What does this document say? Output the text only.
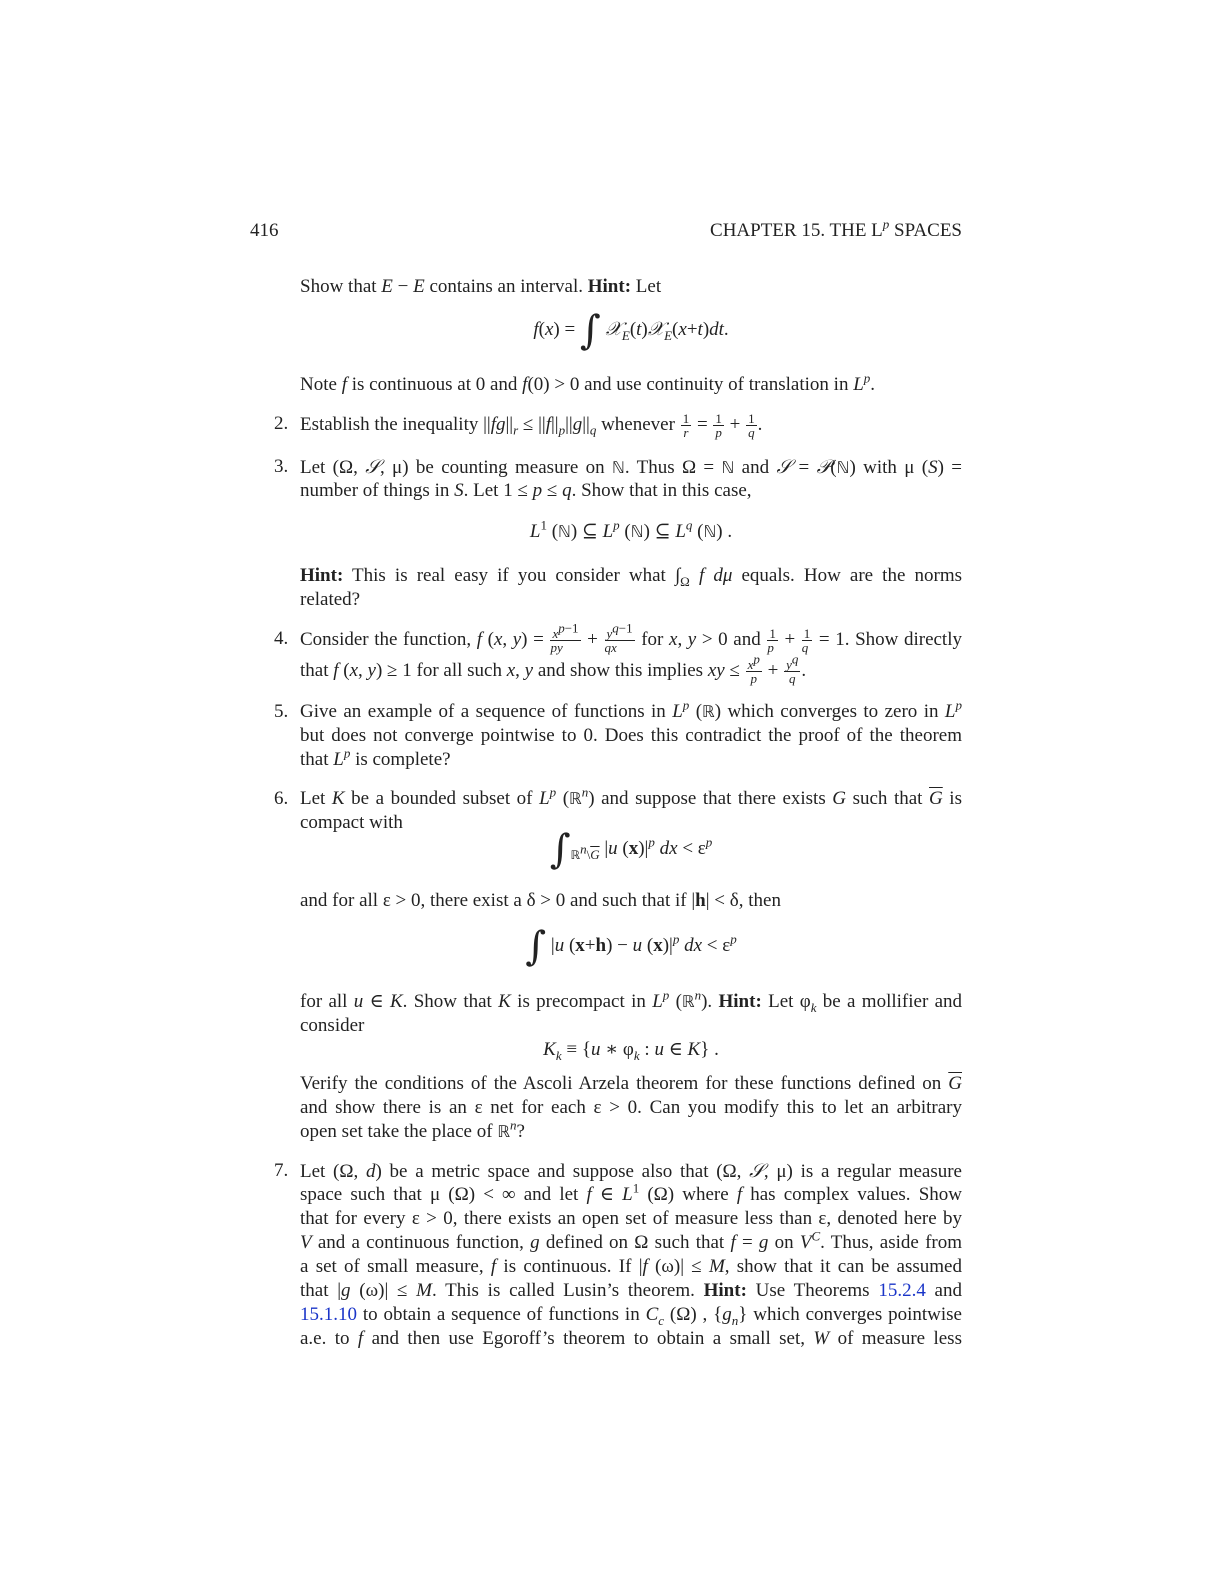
416	CHAPTER 15. THE $L^p$ SPACES
Show that E − E contains an interval. Hint: Let
f(x) = ∫ 𝒳$_E$(t)𝒳$_E$(x+t)dt.
Note f is continuous at 0 and f(0) > 0 and use continuity of translation in $L^p$.
2. Establish the inequality $||fg||_r \le ||f||_p||g||_q$ whenever $\frac{1}{r} = \frac{1}{p} + \frac{1}{q}$ .
3. Let (Ω, 𝒮, μ) be counting measure on ℕ. Thus Ω = ℕ and 𝒮 = 𝒫(ℕ) with μ (S) =
number of things in S. Let 1 ≤ p ≤ q. Show that in this case,
$L^1$ (ℕ) ⊆ $L^p$ (ℕ) ⊆ $L^q$ (ℕ) .
Hint: This is real easy if you consider what $\int_\Omega$ f dμ equals. How are the norms
related?
4. Consider the function, f (x, $y) = \frac{x^{p-1}}{py} + \frac{y^{q-1}}{qx}$ for x, y > 0 and $\frac{1}{p} + \frac{1}{q} = 1$. Show directly
that f (x, y) ≥ 1 for all such x, y and show this implies xy ≤ $\frac{x^p}{p} + \frac{y^q}{q}$ .
5. Give an example of a sequence of functions in $L^p$ (ℝ) which converges to zero in $L^p$
but does not converge pointwise to 0. Does this contradict the proof of the theorem
that $L^p$ is complete?
6. Let K be a bounded subset of $L^p$ (ℝ$^n$) and suppose that there exists G such that $\overline{G}$ is
compact with
$\int_{ℝ^n\backslash\overline{G}}$ |u $(x)|^p$ dx < $\varepsilon^p$
and for all ε > 0, there exist a δ > 0 and such that if |h| < δ, then
∫ |u (x+h) − u $(x)|^p$ dx < $\varepsilon^p$
for all u ∈ K. Show that K is precompact in $L^p$ (ℝ$^n$). Hint: Let $\varphi_k$ be a mollifier and
consider
$K_k \equiv \{u$ ∗ $\varphi_k$ : u ∈ K} .
Verify the conditions of the Ascoli Arzela theorem for these functions defined on $\overline{G}$
and show there is an ε net for each ε > 0. Can you modify this to let an arbitrary
open set take the place of ℝ$^n$?
7. Let (Ω, d) be a metric space and suppose also that (Ω, 𝒮, μ) is a regular measure
space such that μ (Ω) < ∞ and let f ∈ $L^1$ (Ω) where f has complex values. Show
that for every ε > 0, there exists an open set of measure less than ε, denoted here by
V and a continuous function, g defined on Ω such that f = g on $V^C$. Thus, aside from
a set of small measure, f is continuous. If |f (ω)| ≤ M, show that it can be assumed
that |g (ω)| ≤ M. This is called Lusin’s theorem. Hint: Use Theorems 15.2.4 and
15.1.10 to obtain a sequence of functions in $C_c$ (Ω) , $\{g_n\}$ which converges pointwise
a.e. to f and then use Egoroff’s theorem to obtain a small set, W of measure less
